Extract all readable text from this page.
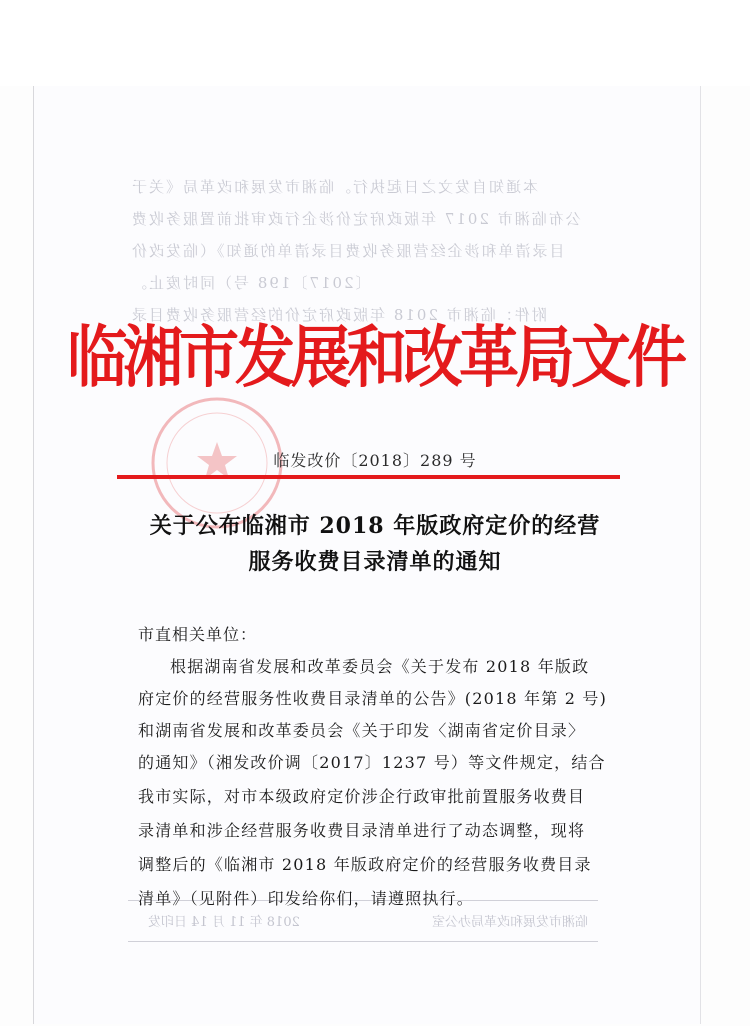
本通知自发文之日起执行。临湘市发展和改革局《关于
公布临湘市 2017 年版政府定价涉企行政审批前置服务收费
目录清单和涉企经营服务收费目录清单的通知》（临发改价
〔2017〕198 号）同时废止。
附件：临湘市 2018 年版政府定价的经营服务收费目录
临湘市发展和改革局办公室
2018 年 11 月 14 日印发
临湘市发展和改革局文件
临发改价〔2018〕289 号
关于公布临湘市 2018 年版政府定价的经营
服务收费目录清单的通知
市直相关单位：
根据湖南省发展和改革委员会《关于发布 2018 年版政
府定价的经营服务性收费目录清单的公告》(2018 年第 2 号)
和湖南省发展和改革委员会《关于印发〈湖南省定价目录〉
的通知》（湘发改价调〔2017〕1237 号）等文件规定，结合
我市实际，对市本级政府定价涉企行政审批前置服务收费目
录清单和涉企经营服务收费目录清单进行了动态调整，现将
调整后的《临湘市 2018 年版政府定价的经营服务收费目录
清单》（见附件）印发给你们，请遵照执行。
